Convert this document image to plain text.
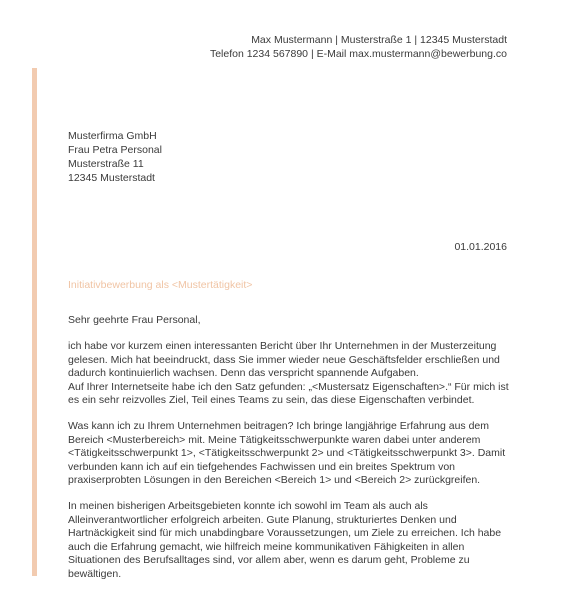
Max Mustermann | Musterstraße 1 | 12345 Musterstadt
Telefon 1234 567890 | E-Mail max.mustermann@bewerbung.co
Musterfirma GmbH
Frau Petra Personal
Musterstraße 11
12345 Musterstadt
01.01.2016
Initiativbewerbung als <Mustertätigkeit>

Sehr geehrte Frau Personal,

ich habe vor kurzem einen interessanten Bericht über Ihr Unternehmen in der Musterzeitung gelesen. Mich hat beeindruckt, dass Sie immer wieder neue Geschäftsfelder erschließen und dadurch kontinuierlich wachsen. Denn das verspricht spannende Aufgaben.

Auf Ihrer Internetseite habe ich den Satz gefunden: „<Mustersatz Eigenschaften>.“ Für mich ist es ein sehr reizvolles Ziel, Teil eines Teams zu sein, das diese Eigenschaften verbindet.

Was kann ich zu Ihrem Unternehmen beitragen? Ich bringe langjährige Erfahrung aus dem Bereich <Musterbereich> mit. Meine Tätigkeitsschwerpunkte waren dabei unter anderem <Tätigkeitsschwerpunkt 1>, <Tätigkeitsschwerpunkt 2> und <Tätigkeitsschwerpunkt 3>. Damit verbunden kann ich auf ein tiefgehendes Fachwissen und ein breites Spektrum von praxiserprobten Lösungen in den Bereichen <Bereich 1> und <Bereich 2> zurückgreifen.

In meinen bisherigen Arbeitsgebieten konnte ich sowohl im Team als auch als Alleinverantwortlicher erfolgreich arbeiten. Gute Planung, strukturiertes Denken und Hartnäckigkeit sind für mich unabdingbare Voraussetzungen, um Ziele zu erreichen. Ich habe auch die Erfahrung gemacht, wie hilfreich meine kommunikativen Fähigkeiten in allen Situationen des Berufsalltages sind, vor allem aber, wenn es darum geht, Probleme zu bewältigen.
